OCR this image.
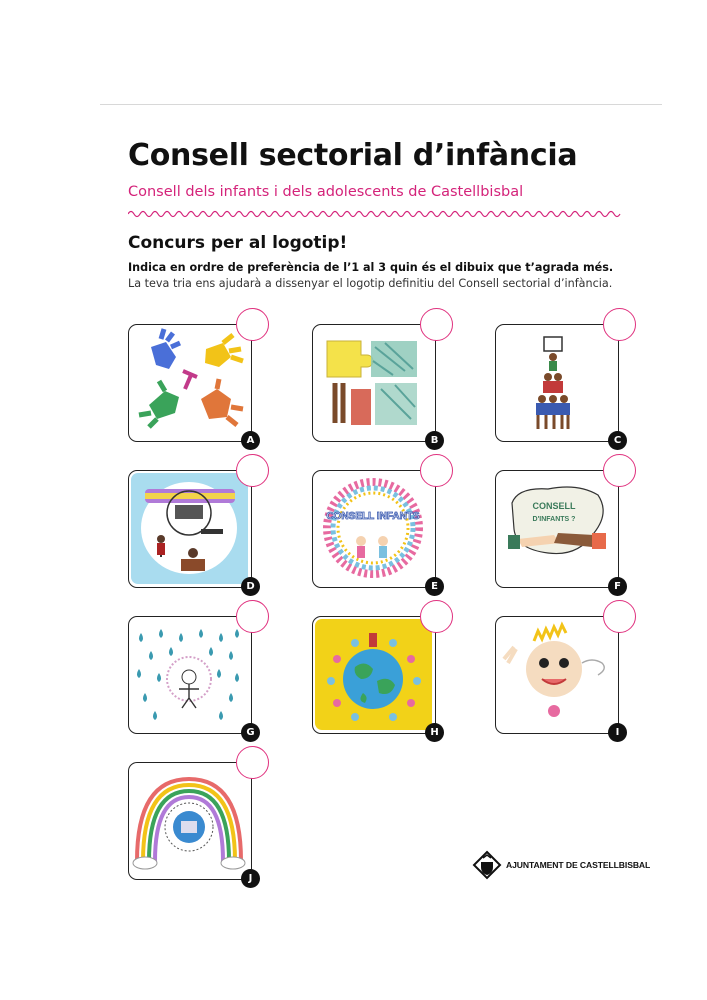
Consell sectorial d’infància
Consell dels infants i dels adolescents de Castellbisbal
Concurs per al logotip!
Indica en ordre de preferència de l’1 al 3 quin és el dibuix que t’agrada més.
La teva tria ens ajudarà a dissenyar el logotip definitiu del Consell sectorial d’infància.
A	B	C
D
CONSELL INFANTS
E
CONSELL
D'INFANTS ?
F
G	H	I
J
AJUNTAMENT DE CASTELLBISBAL
